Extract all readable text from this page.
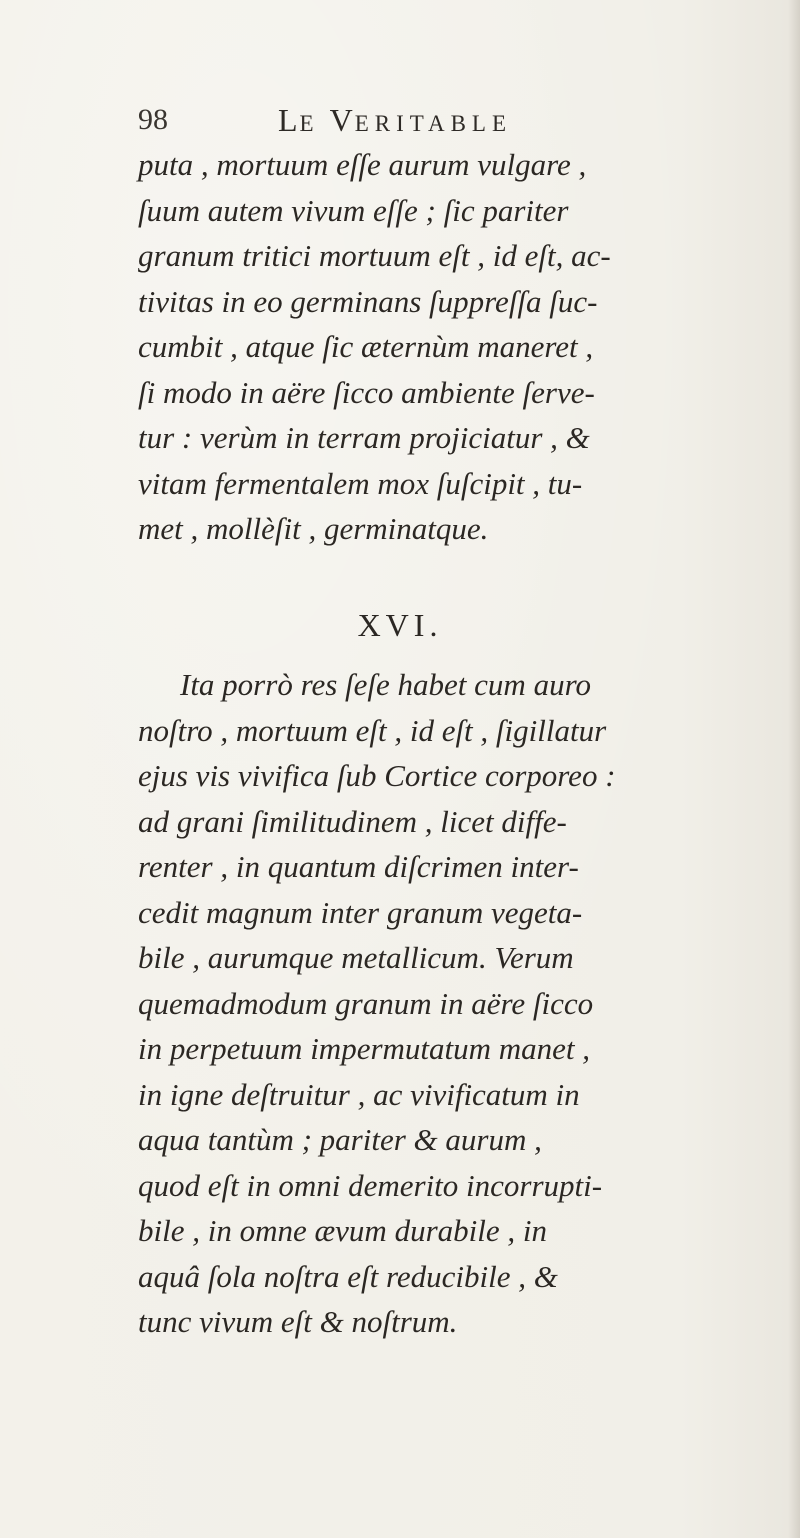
98	LE VERITABLE
puta , mortuum eſſe aurum vulgare ,
ſuum autem vivum eſſe ; ſic pariter
granum tritici mortuum eſt , id eſt, ac-
tivitas in eo germinans ſuppreſſa ſuc-
cumbit , atque ſic æternùm maneret ,
ſi modo in aëre ſicco ambiente ſerve-
tur : verùm in terram projiciatur , &
vitam fermentalem mox ſuſcipit , tu-
met , mollèſit , germinatque.
XVI.
Ita porrò res ſeſe habet cum auro
noſtro , mortuum eſt , id eſt , ſigillatur
ejus vis vivifica ſub Cortice corporeo :
ad grani ſimilitudinem , licet diffe-
renter , in quantum diſcrimen inter-
cedit magnum inter granum vegeta-
bile , aurumque metallicum. Verum
quemadmodum granum in aëre ſicco
in perpetuum impermutatum manet ,
in igne deſtruitur , ac vivificatum in
aqua tantùm ; pariter & aurum ,
quod eſt in omni demerito incorrupti-
bile , in omne ævum durabile , in
aquâ ſola noſtra eſt reducibile , &
tunc vivum eſt & noſtrum.
